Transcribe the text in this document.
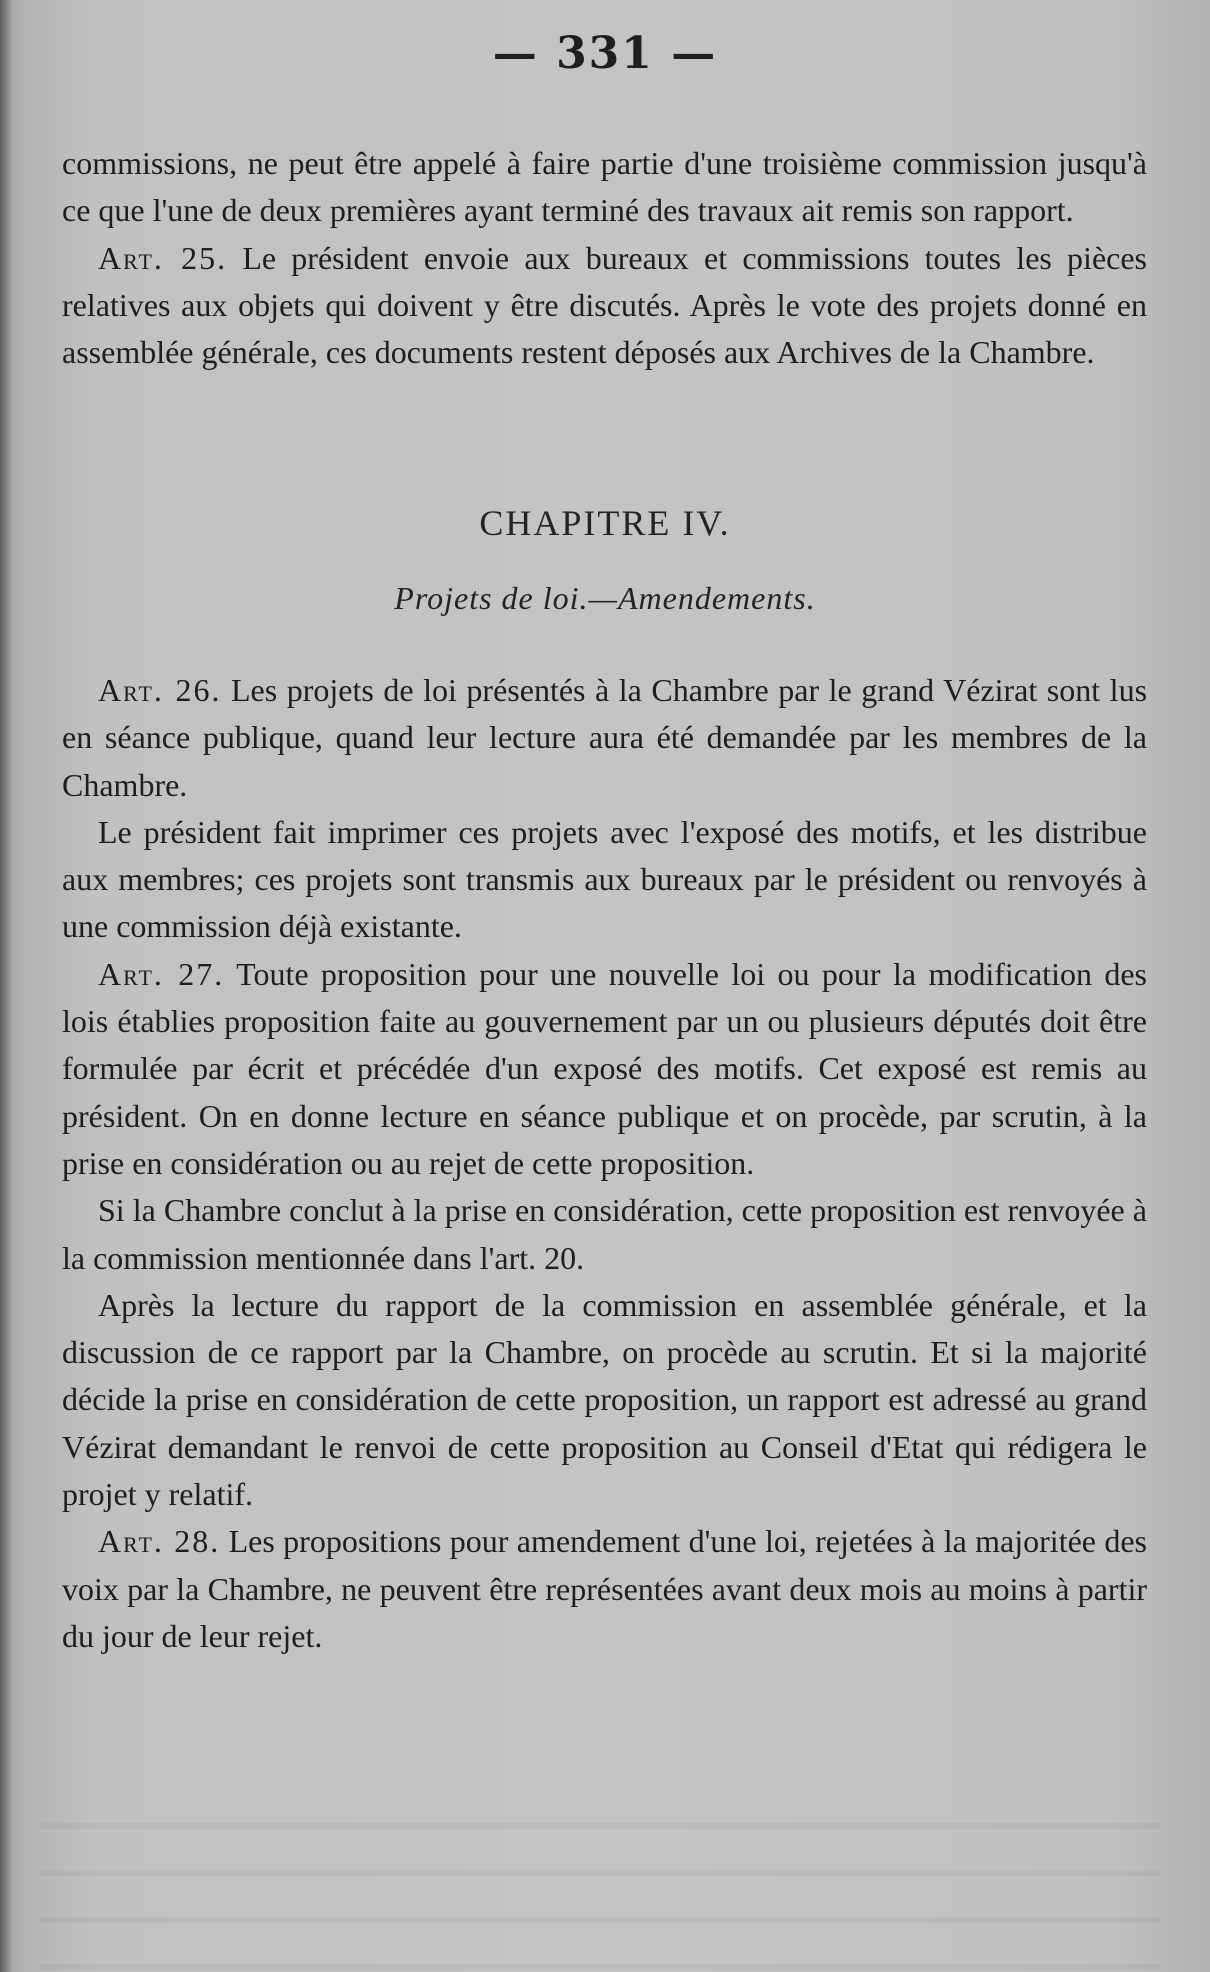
— 331 —

commissions, ne peut être appelé à faire partie d'une troisième commission jusqu'à ce que l'une de deux premières ayant terminé des travaux ait remis son rapport.

Art. 25. Le président envoie aux bureaux et commissions toutes les pièces relatives aux objets qui doivent y être discutés. Après le vote des projets donné en assemblée générale, ces documents restent déposés aux Archives de la Chambre.

CHAPITRE IV.
Projets de loi.—Amendements.

Art. 26. Les projets de loi présentés à la Chambre par le grand Vézirat sont lus en séance publique, quand leur lecture aura été demandée par les membres de la Chambre.

Le président fait imprimer ces projets avec l'exposé des motifs, et les distribue aux membres; ces projets sont transmis aux bureaux par le président ou renvoyés à une commission déjà existante.

Art. 27. Toute proposition pour une nouvelle loi ou pour la modification des lois établies proposition faite au gouvernement par un ou plusieurs députés doit être formulée par écrit et précédée d'un exposé des motifs. Cet exposé est remis au président. On en donne lecture en séance publique et on procède, par scrutin, à la prise en considération ou au rejet de cette proposition.

Si la Chambre conclut à la prise en considération, cette proposition est renvoyée à la commission mentionnée dans l'art. 20.

Après la lecture du rapport de la commission en assemblée générale, et la discussion de ce rapport par la Chambre, on procède au scrutin. Et si la majorité décide la prise en considération de cette proposition, un rapport est adressé au grand Vézirat demandant le renvoi de cette proposition au Conseil d'Etat qui rédigera le projet y relatif.

Art. 28. Les propositions pour amendement d'une loi, rejetées à la majoritée des voix par la Chambre, ne peuvent être représentées avant deux mois au moins à partir du jour de leur rejet.
